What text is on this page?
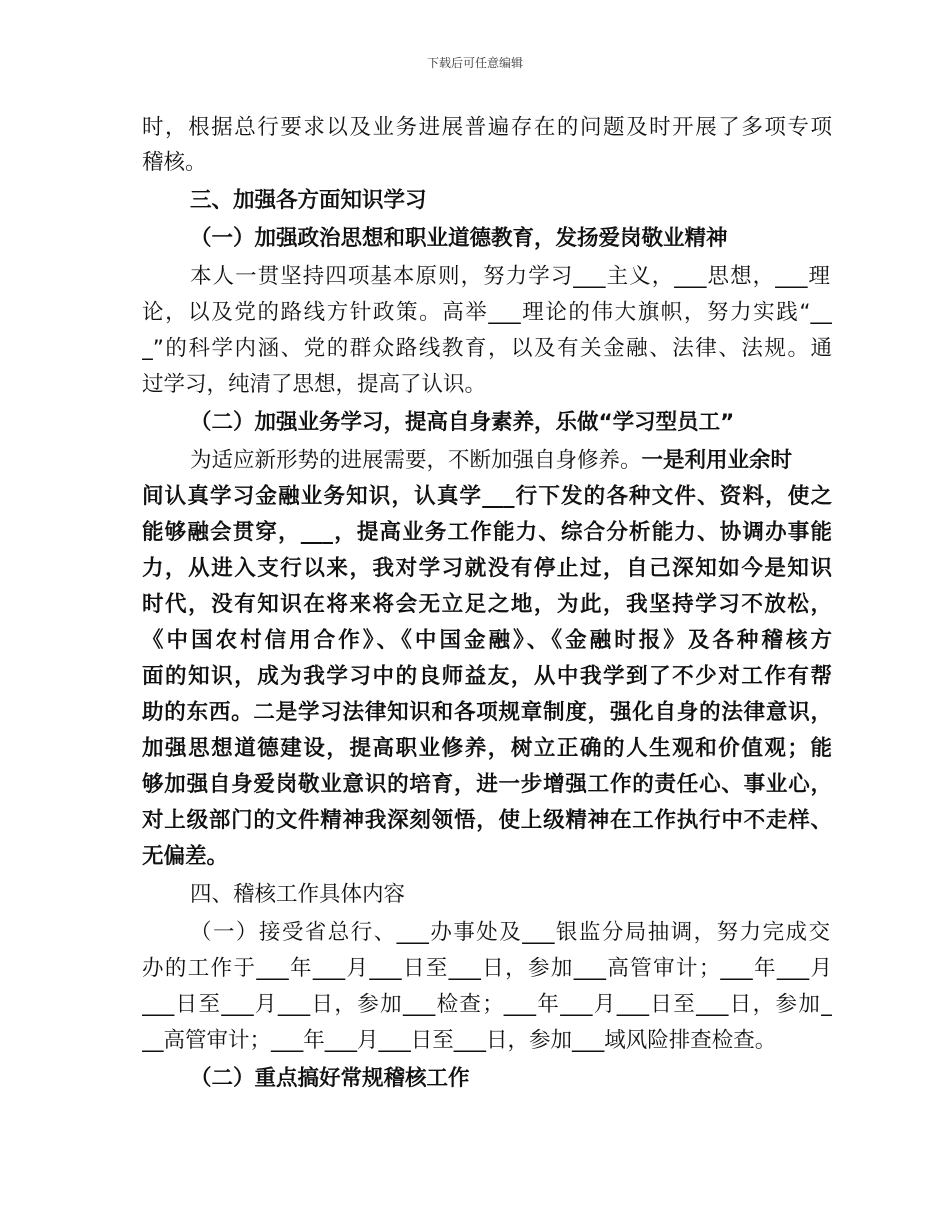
下载后可任意编辑
时，根据总行要求以及业务进展普遍存在的问题及时开展了多项专项
稽核。
三、加强各方面知识学习
（一）加强政治思想和职业道德教育，发扬爱岗敬业精神
本人一贯坚持四项基本原则，努力学习___主义，___思想，___理
论，以及党的路线方针政策。高举___理论的伟大旗帜，努力实践“__
_”的科学内涵、党的群众路线教育，以及有关金融、法律、法规。通
过学习，纯清了思想，提高了认识。
（二）加强业务学习，提高自身素养，乐做“学习型员工”
为适应新形势的进展需要，不断加强自身修养。一是利用业余时
间认真学习金融业务知识，认真学___行下发的各种文件、资料，使之
能够融会贯穿，___，提高业务工作能力、综合分析能力、协调办事能
力，从进入支行以来，我对学习就没有停止过，自己深知如今是知识
时代，没有知识在将来将会无立足之地，为此，我坚持学习不放松，
《中国农村信用合作》、《中国金融》、《金融时报》及各种稽核方
面的知识，成为我学习中的良师益友，从中我学到了不少对工作有帮
助的东西。二是学习法律知识和各项规章制度，强化自身的法律意识，
加强思想道德建设，提高职业修养，树立正确的人生观和价值观；能
够加强自身爱岗敬业意识的培育，进一步增强工作的责任心、事业心，
对上级部门的文件精神我深刻领悟，使上级精神在工作执行中不走样、
无偏差。
四、稽核工作具体内容
（一）接受省总行、___办事处及___银监分局抽调，努力完成交
办的工作于___年___月___日至___日，参加___高管审计；___年___月
___日至___月___日，参加___检查；___年___月___日至___日，参加_
__高管审计；___年___月___日至___日，参加___域风险排查检查。
（二）重点搞好常规稽核工作
